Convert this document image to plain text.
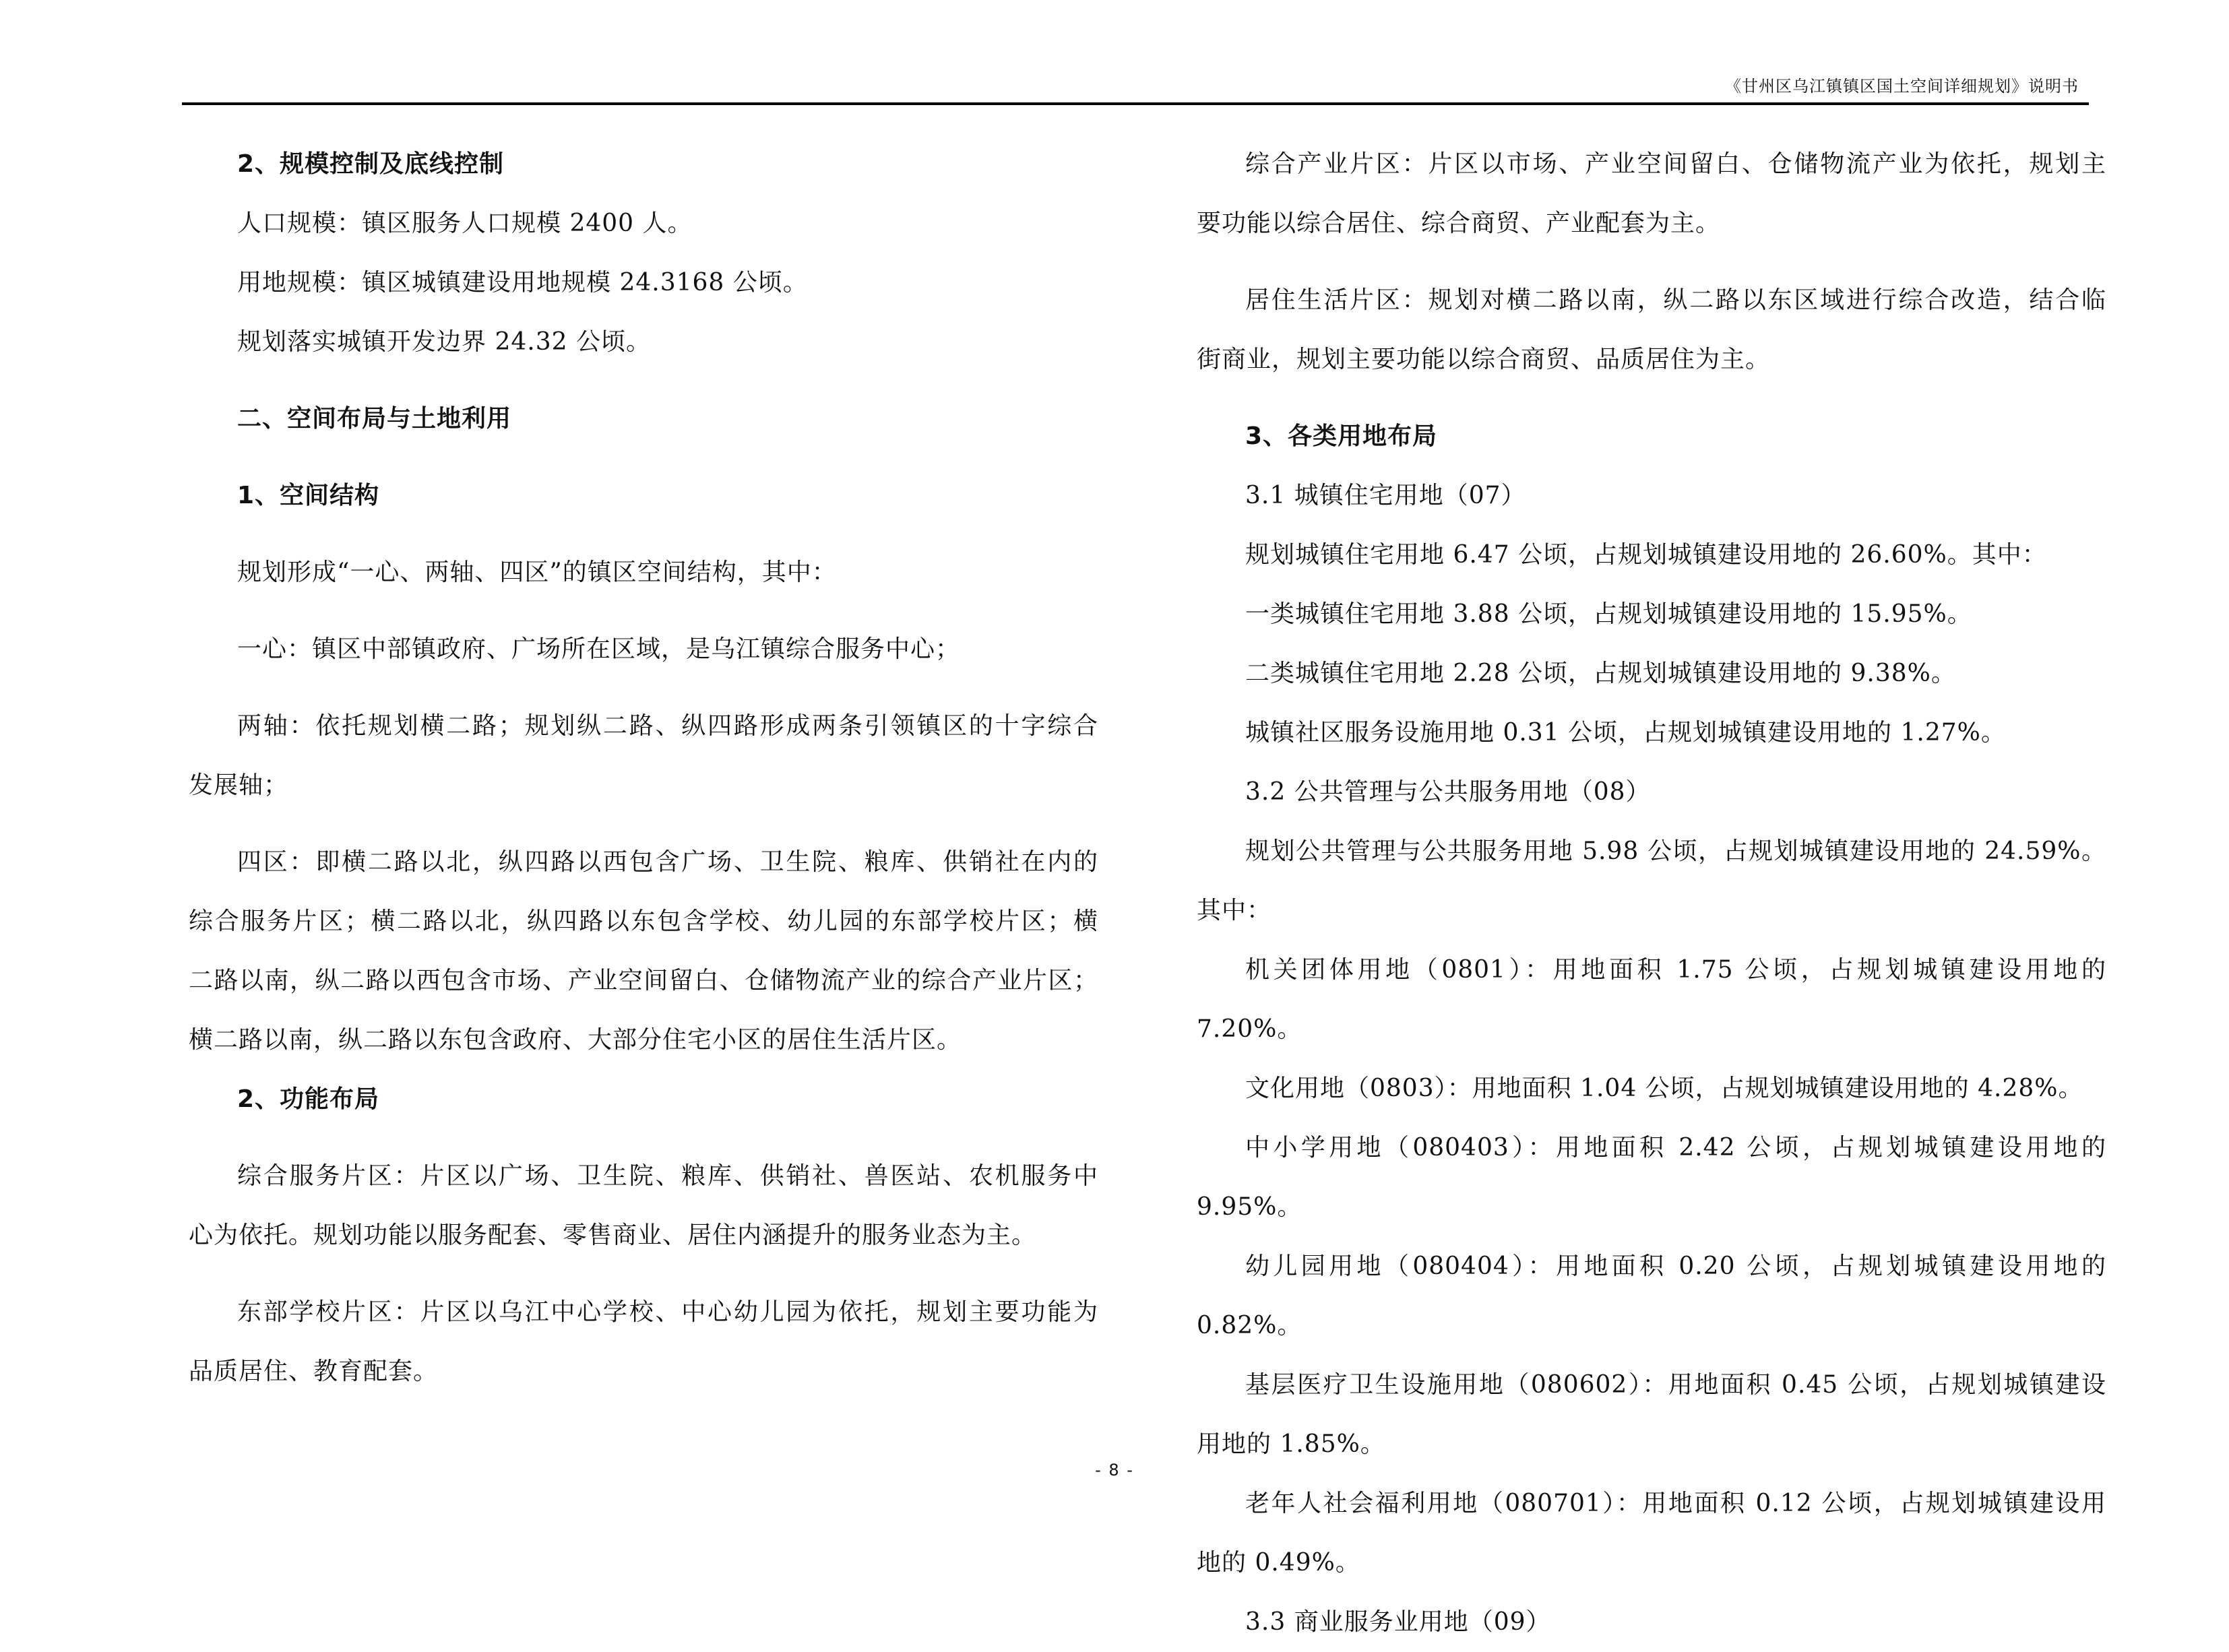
《甘州区乌江镇镇区国土空间详细规划》说明书

2、规模控制及底线控制

人口规模：镇区服务人口规模 2400 人。

用地规模：镇区城镇建设用地规模 24.3168 公顷。

规划落实城镇开发边界 24.32 公顷。

二、空间布局与土地利用

1、空间结构

规划形成“一心、两轴、四区”的镇区空间结构，其中：

一心：镇区中部镇政府、广场所在区域，是乌江镇综合服务中心；

两轴：依托规划横二路；规划纵二路、纵四路形成两条引领镇区的十字综合

发展轴；

四区：即横二路以北，纵四路以西包含广场、卫生院、粮库、供销社在内的

综合服务片区；横二路以北，纵四路以东包含学校、幼儿园的东部学校片区；横

二路以南，纵二路以西包含市场、产业空间留白、仓储物流产业的综合产业片区；

横二路以南，纵二路以东包含政府、大部分住宅小区的居住生活片区。

2、功能布局

综合服务片区：片区以广场、卫生院、粮库、供销社、兽医站、农机服务中

心为依托。规划功能以服务配套、零售商业、居住内涵提升的服务业态为主。

东部学校片区：片区以乌江中心学校、中心幼儿园为依托，规划主要功能为

品质居住、教育配套。

综合产业片区：片区以市场、产业空间留白、仓储物流产业为依托，规划主

要功能以综合居住、综合商贸、产业配套为主。

居住生活片区：规划对横二路以南，纵二路以东区域进行综合改造，结合临

街商业，规划主要功能以综合商贸、品质居住为主。

3、各类用地布局

3.1 城镇住宅用地（07）

规划城镇住宅用地 6.47 公顷，占规划城镇建设用地的 26.60%。其中：

一类城镇住宅用地 3.88 公顷，占规划城镇建设用地的 15.95%。

二类城镇住宅用地 2.28 公顷，占规划城镇建设用地的 9.38%。

城镇社区服务设施用地 0.31 公顷，占规划城镇建设用地的 1.27%。

3.2 公共管理与公共服务用地（08）

规划公共管理与公共服务用地 5.98 公顷，占规划城镇建设用地的 24.59%。

其中：

机关团体用地（0801）：用地面积 1.75 公顷，占规划城镇建设用地的 7.20%。

文化用地（0803）：用地面积 1.04 公顷，占规划城镇建设用地的 4.28%。

中小学用地（080403）：用地面积 2.42 公顷，占规划城镇建设用地的 9.95%。

幼儿园用地（080404）：用地面积 0.20 公顷，占规划城镇建设用地的 0.82%。

基层医疗卫生设施用地（080602）：用地面积 0.45 公顷，占规划城镇建设

用地的 1.85%。

老年人社会福利用地（080701）：用地面积 0.12 公顷，占规划城镇建设用

地的 0.49%。

3.3 商业服务业用地（09）

- 8 -
